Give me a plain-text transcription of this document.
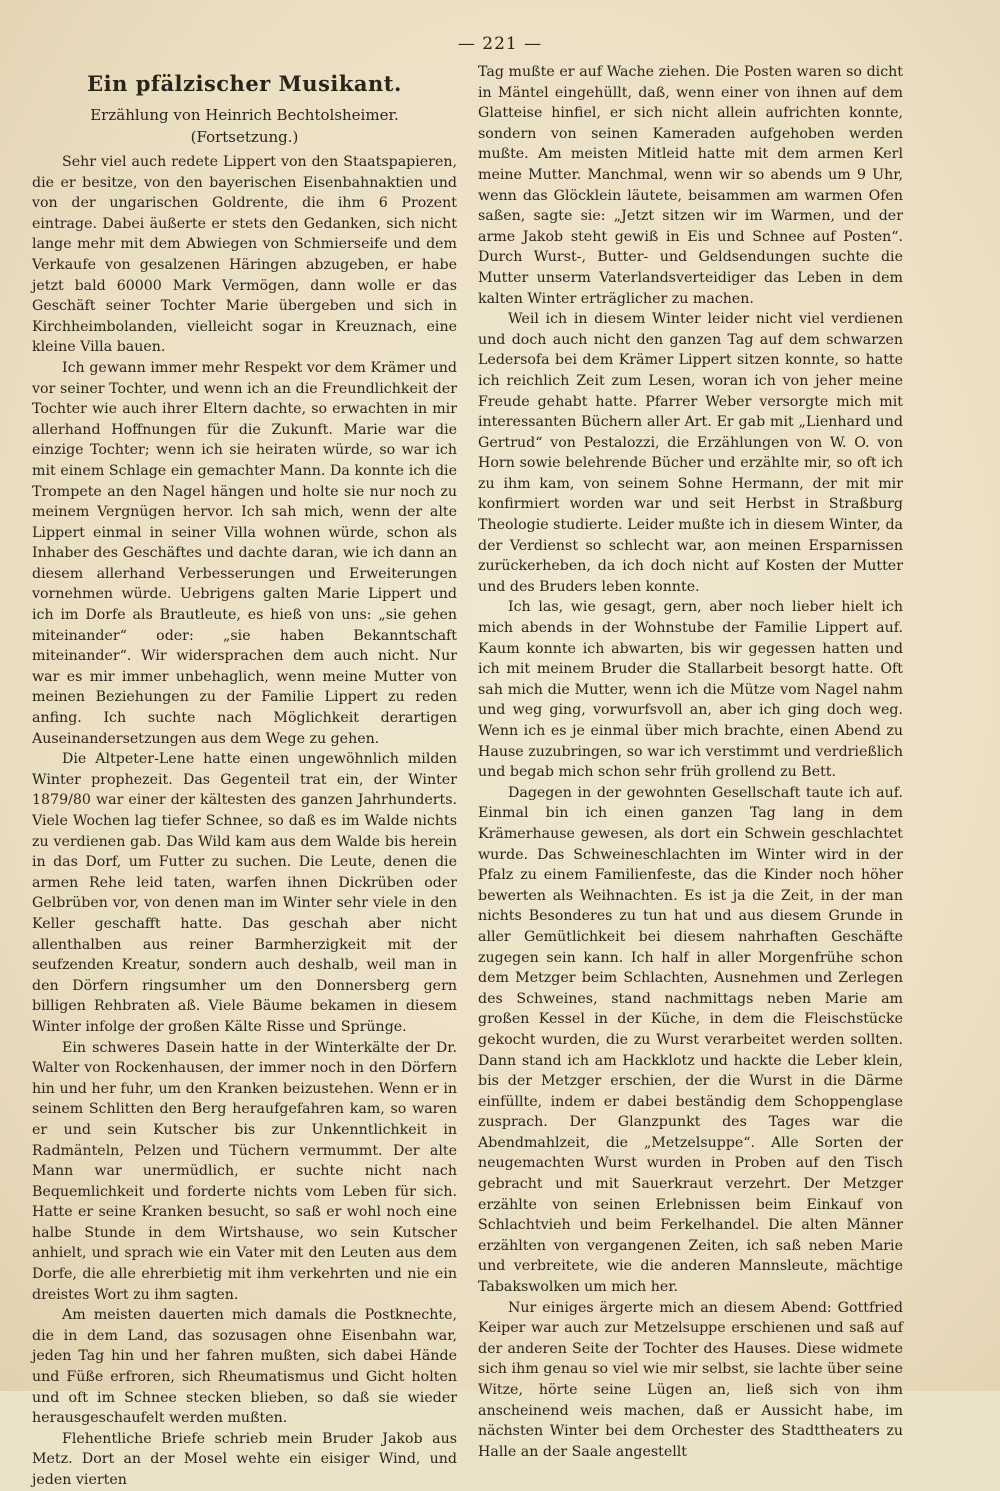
— 221 —
Ein pfälzischer Musikant.
Erzählung von Heinrich Bechtolsheimer.
(Fortsetzung.)

Sehr viel auch redete Lippert von den Staatspapieren, die er besitze, von den bayerischen Eisenbahnaktien und von der ungarischen Goldrente, die ihm 6 Prozent eintrage. Dabei äußerte er stets den Gedanken, sich nicht lange mehr mit dem Abwiegen von Schmierseife und dem Verkaufe von gesalzenen Häringen abzugeben, er habe jetzt bald 60000 Mark Vermögen, dann wolle er das Geschäft seiner Tochter Marie übergeben und sich in Kirchheimbolanden, vielleicht sogar in Kreuznach, eine kleine Villa bauen.

Ich gewann immer mehr Respekt vor dem Krämer und vor seiner Tochter, und wenn ich an die Freundlichkeit der Tochter wie auch ihrer Eltern dachte, so erwachten in mir allerhand Hoffnungen für die Zukunft. Marie war die einzige Tochter; wenn ich sie heiraten würde, so war ich mit einem Schlage ein gemachter Mann. Da konnte ich die Trompete an den Nagel hängen und holte sie nur noch zu meinem Vergnügen hervor. Ich sah mich, wenn der alte Lippert einmal in seiner Villa wohnen würde, schon als Inhaber des Geschäftes und dachte daran, wie ich dann an diesem allerhand Verbesserungen und Erweiterungen vornehmen würde. Uebrigens galten Marie Lippert und ich im Dorfe als Brautleute, es hieß von uns: „sie gehen miteinander“ oder: „sie haben Bekanntschaft miteinander“. Wir widersprachen dem auch nicht. Nur war es mir immer unbehaglich, wenn meine Mutter von meinen Beziehungen zu der Familie Lippert zu reden anfing. Ich suchte nach Möglichkeit derartigen Auseinandersetzungen aus dem Wege zu gehen.

Die Altpeter-Lene hatte einen ungewöhnlich milden Winter prophezeit. Das Gegenteil trat ein, der Winter 1879/80 war einer der kältesten des ganzen Jahrhunderts. Viele Wochen lag tiefer Schnee, so daß es im Walde nichts zu verdienen gab. Das Wild kam aus dem Walde bis herein in das Dorf, um Futter zu suchen. Die Leute, denen die armen Rehe leid taten, warfen ihnen Dickrüben oder Gelbrüben vor, von denen man im Winter sehr viele in den Keller geschafft hatte. Das geschah aber nicht allenthalben aus reiner Barmherzigkeit mit der seufzenden Kreatur, sondern auch deshalb, weil man in den Dörfern ringsumher um den Donnersberg gern billigen Rehbraten aß. Viele Bäume bekamen in diesem Winter infolge der großen Kälte Risse und Sprünge.

Ein schweres Dasein hatte in der Winterkälte der Dr. Walter von Rockenhausen, der immer noch in den Dörfern hin und her fuhr, um den Kranken beizustehen. Wenn er in seinem Schlitten den Berg heraufgefahren kam, so waren er und sein Kutscher bis zur Unkenntlichkeit in Radmänteln, Pelzen und Tüchern vermummt. Der alte Mann war unermüdlich, er suchte nicht nach Bequemlichkeit und forderte nichts vom Leben für sich. Hatte er seine Kranken besucht, so saß er wohl noch eine halbe Stunde in dem Wirtshause, wo sein Kutscher anhielt, und sprach wie ein Vater mit den Leuten aus dem Dorfe, die alle ehrerbietig mit ihm verkehrten und nie ein dreistes Wort zu ihm sagten.

Am meisten dauerten mich damals die Postknechte, die in dem Land, das sozusagen ohne Eisenbahn war, jeden Tag hin und her fahren mußten, sich dabei Hände und Füße erfroren, sich Rheumatismus und Gicht holten und oft im Schnee stecken blieben, so daß sie wieder herausgeschaufelt werden mußten.

Flehentliche Briefe schrieb mein Bruder Jakob aus Metz. Dort an der Mosel wehte ein eisiger Wind, und jeden vierten

Tag mußte er auf Wache ziehen. Die Posten waren so dicht in Mäntel eingehüllt, daß, wenn einer von ihnen auf dem Glatteise hinfiel, er sich nicht allein aufrichten konnte, sondern von seinen Kameraden aufgehoben werden mußte. Am meisten Mitleid hatte mit dem armen Kerl meine Mutter. Manchmal, wenn wir so abends um 9 Uhr, wenn das Glöcklein läutete, beisammen am warmen Ofen saßen, sagte sie: „Jetzt sitzen wir im Warmen, und der arme Jakob steht gewiß in Eis und Schnee auf Posten“. Durch Wurst-, Butter- und Geldsendungen suchte die Mutter unserm Vaterlandsverteidiger das Leben in dem kalten Winter erträglicher zu machen.

Weil ich in diesem Winter leider nicht viel verdienen und doch auch nicht den ganzen Tag auf dem schwarzen Ledersofa bei dem Krämer Lippert sitzen konnte, so hatte ich reichlich Zeit zum Lesen, woran ich von jeher meine Freude gehabt hatte. Pfarrer Weber versorgte mich mit interessanten Büchern aller Art. Er gab mit „Lienhard und Gertrud“ von Pestalozzi, die Erzählungen von W. O. von Horn sowie belehrende Bücher und erzählte mir, so oft ich zu ihm kam, von seinem Sohne Hermann, der mit mir konfirmiert worden war und seit Herbst in Straßburg Theologie studierte. Leider mußte ich in diesem Winter, da der Verdienst so schlecht war, aon meinen Ersparnissen zurückerheben, da ich doch nicht auf Kosten der Mutter und des Bruders leben konnte.

Ich las, wie gesagt, gern, aber noch lieber hielt ich mich abends in der Wohnstube der Familie Lippert auf. Kaum konnte ich abwarten, bis wir gegessen hatten und ich mit meinem Bruder die Stallarbeit besorgt hatte. Oft sah mich die Mutter, wenn ich die Mütze vom Nagel nahm und weg ging, vorwurfsvoll an, aber ich ging doch weg. Wenn ich es je einmal über mich brachte, einen Abend zu Hause zuzubringen, so war ich verstimmt und verdrießlich und begab mich schon sehr früh grollend zu Bett.

Dagegen in der gewohnten Gesellschaft taute ich auf. Einmal bin ich einen ganzen Tag lang in dem Krämerhause gewesen, als dort ein Schwein geschlachtet wurde. Das Schweineschlachten im Winter wird in der Pfalz zu einem Familienfeste, das die Kinder noch höher bewerten als Weihnachten. Es ist ja die Zeit, in der man nichts Besonderes zu tun hat und aus diesem Grunde in aller Gemütlichkeit bei diesem nahrhaften Geschäfte zugegen sein kann. Ich half in aller Morgenfrühe schon dem Metzger beim Schlachten, Ausnehmen und Zerlegen des Schweines, stand nachmittags neben Marie am großen Kessel in der Küche, in dem die Fleischstücke gekocht wurden, die zu Wurst verarbeitet werden sollten. Dann stand ich am Hackklotz und hackte die Leber klein, bis der Metzger erschien, der die Wurst in die Därme einfüllte, indem er dabei beständig dem Schoppenglase zusprach. Der Glanzpunkt des Tages war die Abendmahlzeit, die „Metzelsuppe“. Alle Sorten der neugemachten Wurst wurden in Proben auf den Tisch gebracht und mit Sauerkraut verzehrt. Der Metzger erzählte von seinen Erlebnissen beim Einkauf von Schlachtvieh und beim Ferkelhandel. Die alten Männer erzählten von vergangenen Zeiten, ich saß neben Marie und verbreitete, wie die anderen Mannsleute, mächtige Tabakswolken um mich her.

Nur einiges ärgerte mich an diesem Abend: Gottfried Keiper war auch zur Metzelsuppe erschienen und saß auf der anderen Seite der Tochter des Hauses. Diese widmete sich ihm genau so viel wie mir selbst, sie lachte über seine Witze, hörte seine Lügen an, ließ sich von ihm anscheinend weis machen, daß er Aussicht habe, im nächsten Winter bei dem Orchester des Stadttheaters zu Halle an der Saale angestellt
